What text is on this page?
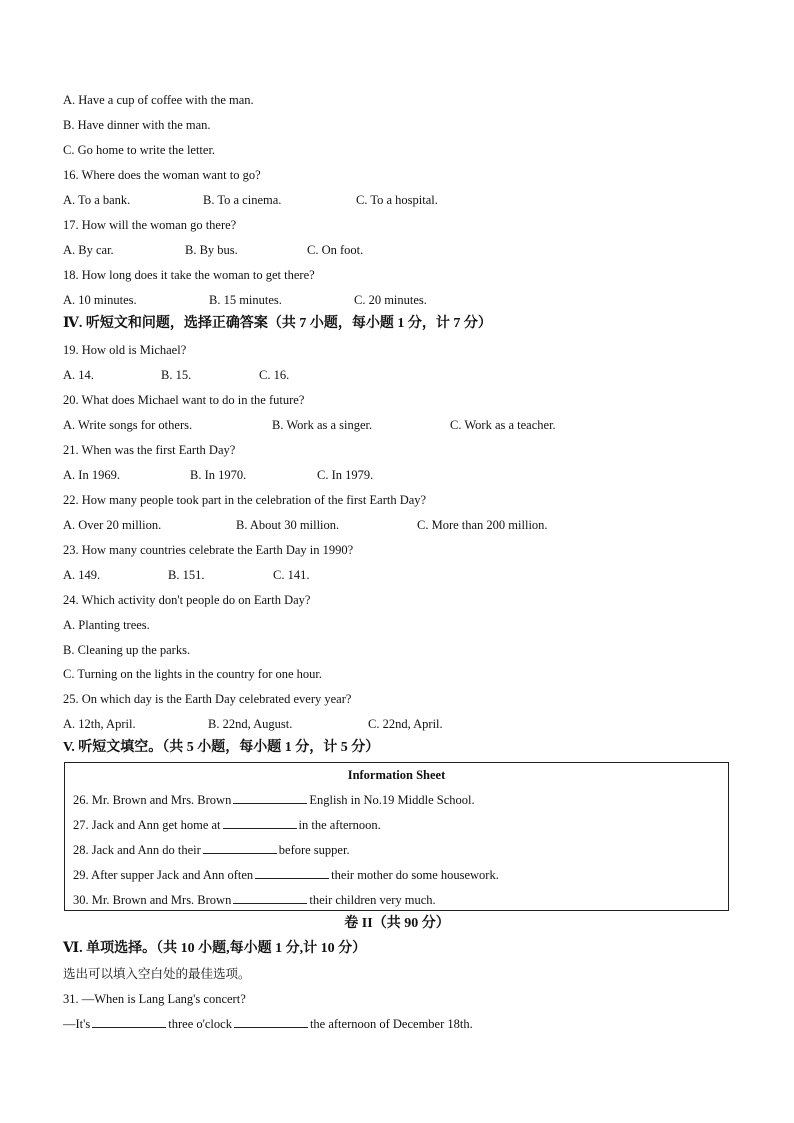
A. Have a cup of coffee with the man.
B. Have dinner with the man.
C. Go home to write the letter.
16. Where does the woman want to go?
A. To a bank.	B. To a cinema.	C. To a hospital.
17. How will the woman go there?
A. By car.	B. By bus.	C. On foot.
18. How long does it take the woman to get there?
A. 10 minutes.	B. 15 minutes.	C. 20 minutes.
Ⅳ. 听短文和问题，选择正确答案（共 7 小题，每小题 1 分，计 7 分）
19. How old is Michael?
A. 14.	B. 15.	C. 16.
20. What does Michael want to do in the future?
A. Write songs for others.	B. Work as a singer.	C. Work as a teacher.
21. When was the first Earth Day?
A. In 1969.	B. In 1970.	C. In 1979.
22. How many people took part in the celebration of the first Earth Day?
A. Over 20 million.	B. About 30 million.	C. More than 200 million.
23. How many countries celebrate the Earth Day in 1990?
A. 149.	B. 151.	C. 141.
24. Which activity don't people do on Earth Day?
A. Planting trees.
B. Cleaning up the parks.
C. Turning on the lights in the country for one hour.
25. On which day is the Earth Day celebrated every year?
A. 12th, April.	B. 22nd, August.	C. 22nd, April.
V. 听短文填空。（共 5 小题，每小题 1 分，计 5 分）
Information Sheet
26. Mr. Brown and Mrs. Brown	English in No.19 Middle School.
27. Jack and Ann get home at	in the afternoon.
28. Jack and Ann do their	before supper.
29. After supper Jack and Ann often	their mother do some housework.
30. Mr. Brown and Mrs. Brown	their children very much.
卷 II（共 90 分）
Ⅵ. 单项选择。（共 10 小题,每小题 1 分,计 10 分）
选出可以填入空白处的最佳选项。
31. —When is Lang Lang's concert?
—It's	three o'clock	the afternoon of December 18th.
